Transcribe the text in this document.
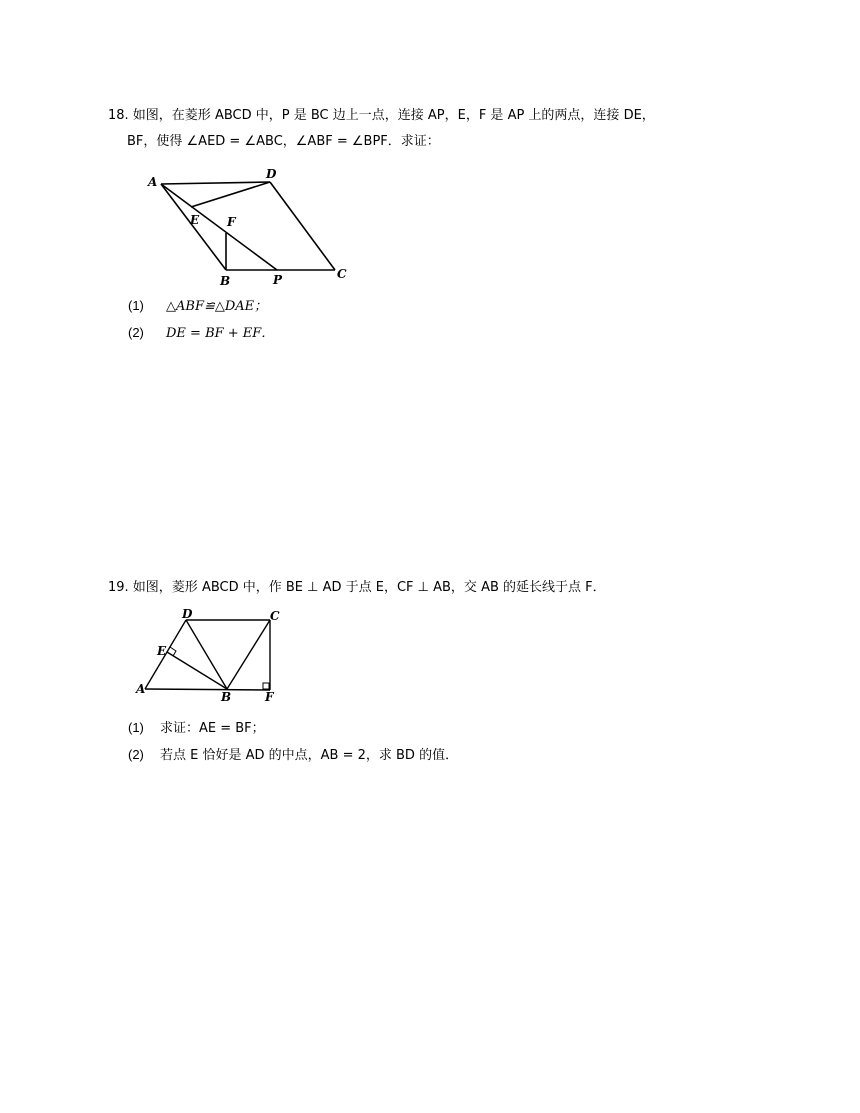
18. 如图，在菱形 ABCD 中，P 是 BC 边上一点，连接 AP，E，F 是 AP 上的两点，连接 DE，
BF，使得 ∠AED = ∠ABC，∠ABF = ∠BPF．求证：
A
D
E F
B	P	C
(1) △ABF≌△DAE；
(2) DE = BF + EF．
19. 如图，菱形 ABCD 中，作 BE ⊥ AD 于点 E，CF ⊥ AB，交 AB 的延长线于点 F．
D	C
E
A
B	F
(1) 求证：AE = BF；
(2) 若点 E 恰好是 AD 的中点，AB = 2，求 BD 的值．
